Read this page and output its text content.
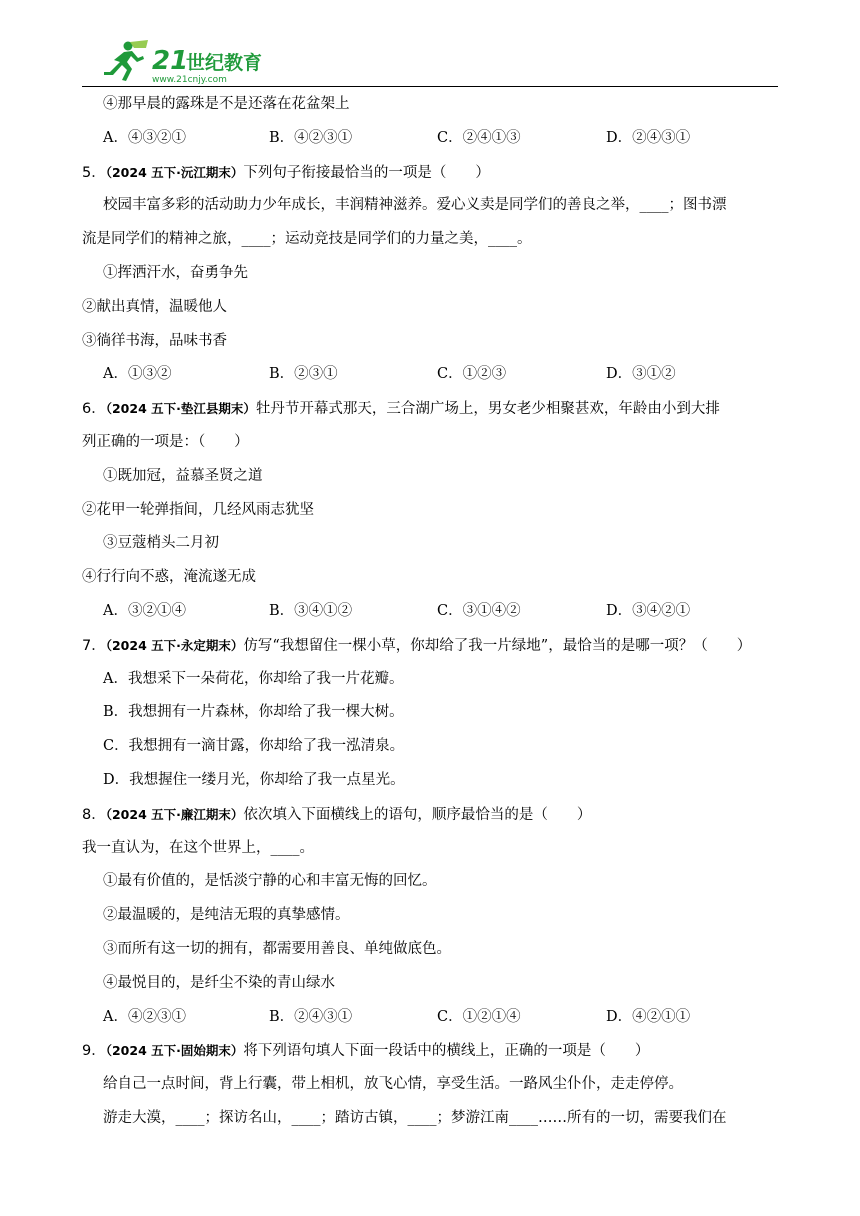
21
世纪教育
www.21cnjy.com
④那早晨的露珠是不是还落在花盆架上
A．④③②①	B．④②③①	C．②④①③	D．②④③①
5．（2024 五下·沅江期末）下列句子衔接最恰当的一项是（　　）
校园丰富多彩的活动助力少年成长，丰润精神滋养。爱心义卖是同学们的善良之举，____；图书漂
流是同学们的精神之旅，____；运动竞技是同学们的力量之美，____。
①挥洒汗水，奋勇争先
②献出真情，温暖他人
③徜徉书海，品味书香
A．①③②	B．②③①	C．①②③	D．③①②
6．（2024 五下·垫江县期末）牡丹节开幕式那天，三合湖广场上，男女老少相聚甚欢，年龄由小到大排
列正确的一项是：（　　）
①既加冠，益慕圣贤之道
②花甲一轮弹指间，几经风雨志犹坚
③豆蔻梢头二月初
④行行向不惑，淹流遂无成
A．③②①④	B．③④①②	C．③①④②	D．③④②①
7．（2024 五下·永定期末）仿写“我想留住一棵小草，你却给了我一片绿地”，最恰当的是哪一项？（　　）
A．我想采下一朵荷花，你却给了我一片花瓣。
B．我想拥有一片森林，你却给了我一棵大树。
C．我想拥有一滴甘露，你却给了我一泓清泉。
D．我想握住一缕月光，你却给了我一点星光。
8．（2024 五下·廉江期末）依次填入下面横线上的语句，顺序最恰当的是（　　）
我一直认为，在这个世界上，____。
①最有价值的，是恬淡宁静的心和丰富无悔的回忆。
②最温暖的，是纯洁无瑕的真挚感情。
③而所有这一切的拥有，都需要用善良、单纯做底色。
④最悦目的，是纤尘不染的青山绿水
A．④②③①	B．②④③①	C．①②①④	D．④②①①
9．（2024 五下·固始期末）将下列语句填人下面一段话中的横线上，正确的一项是（　　）
给自己一点时间，背上行囊，带上相机，放飞心情，享受生活。一路风尘仆仆，走走停停。
游走大漠，____；探访名山，____；踏访古镇，____；梦游江南____……所有的一切，需要我们在
